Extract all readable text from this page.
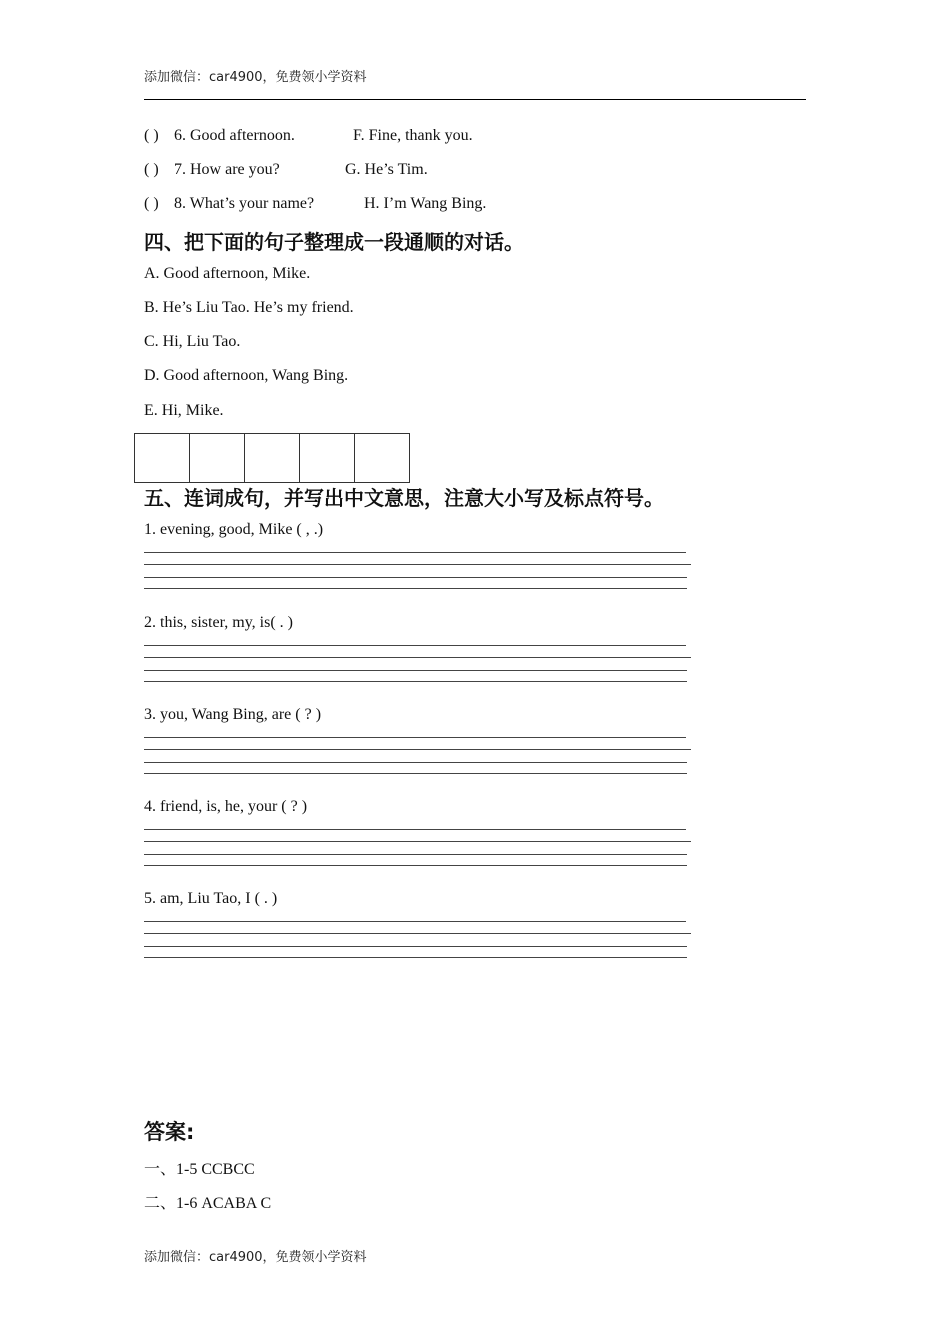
添加微信：car4900，免费领小学资料
( ) 6. Good afternoon.	F. Fine, thank you.
( ) 7. How are you?	G. He’s Tim.
( ) 8. What’s your name?	H. I’m Wang Bing.
四、把下面的句子整理成一段通顺的对话。
A. Good afternoon, Mike.
B. He’s Liu Tao. He’s my friend.
C. Hi, Liu Tao.
D. Good afternoon, Wang Bing.
E. Hi, Mike.
五、连词成句，并写出中文意思，注意大小写及标点符号。
1. evening, good, Mike ( , .)
2. this, sister, my, is( . )
3. you, Wang Bing, are ( ? )
4. friend, is, he, your ( ? )
5. am, Liu Tao, I ( . )
答案:
一、1-5 CCBCC
二、1-6 ACABA C
添加微信：car4900，免费领小学资料
